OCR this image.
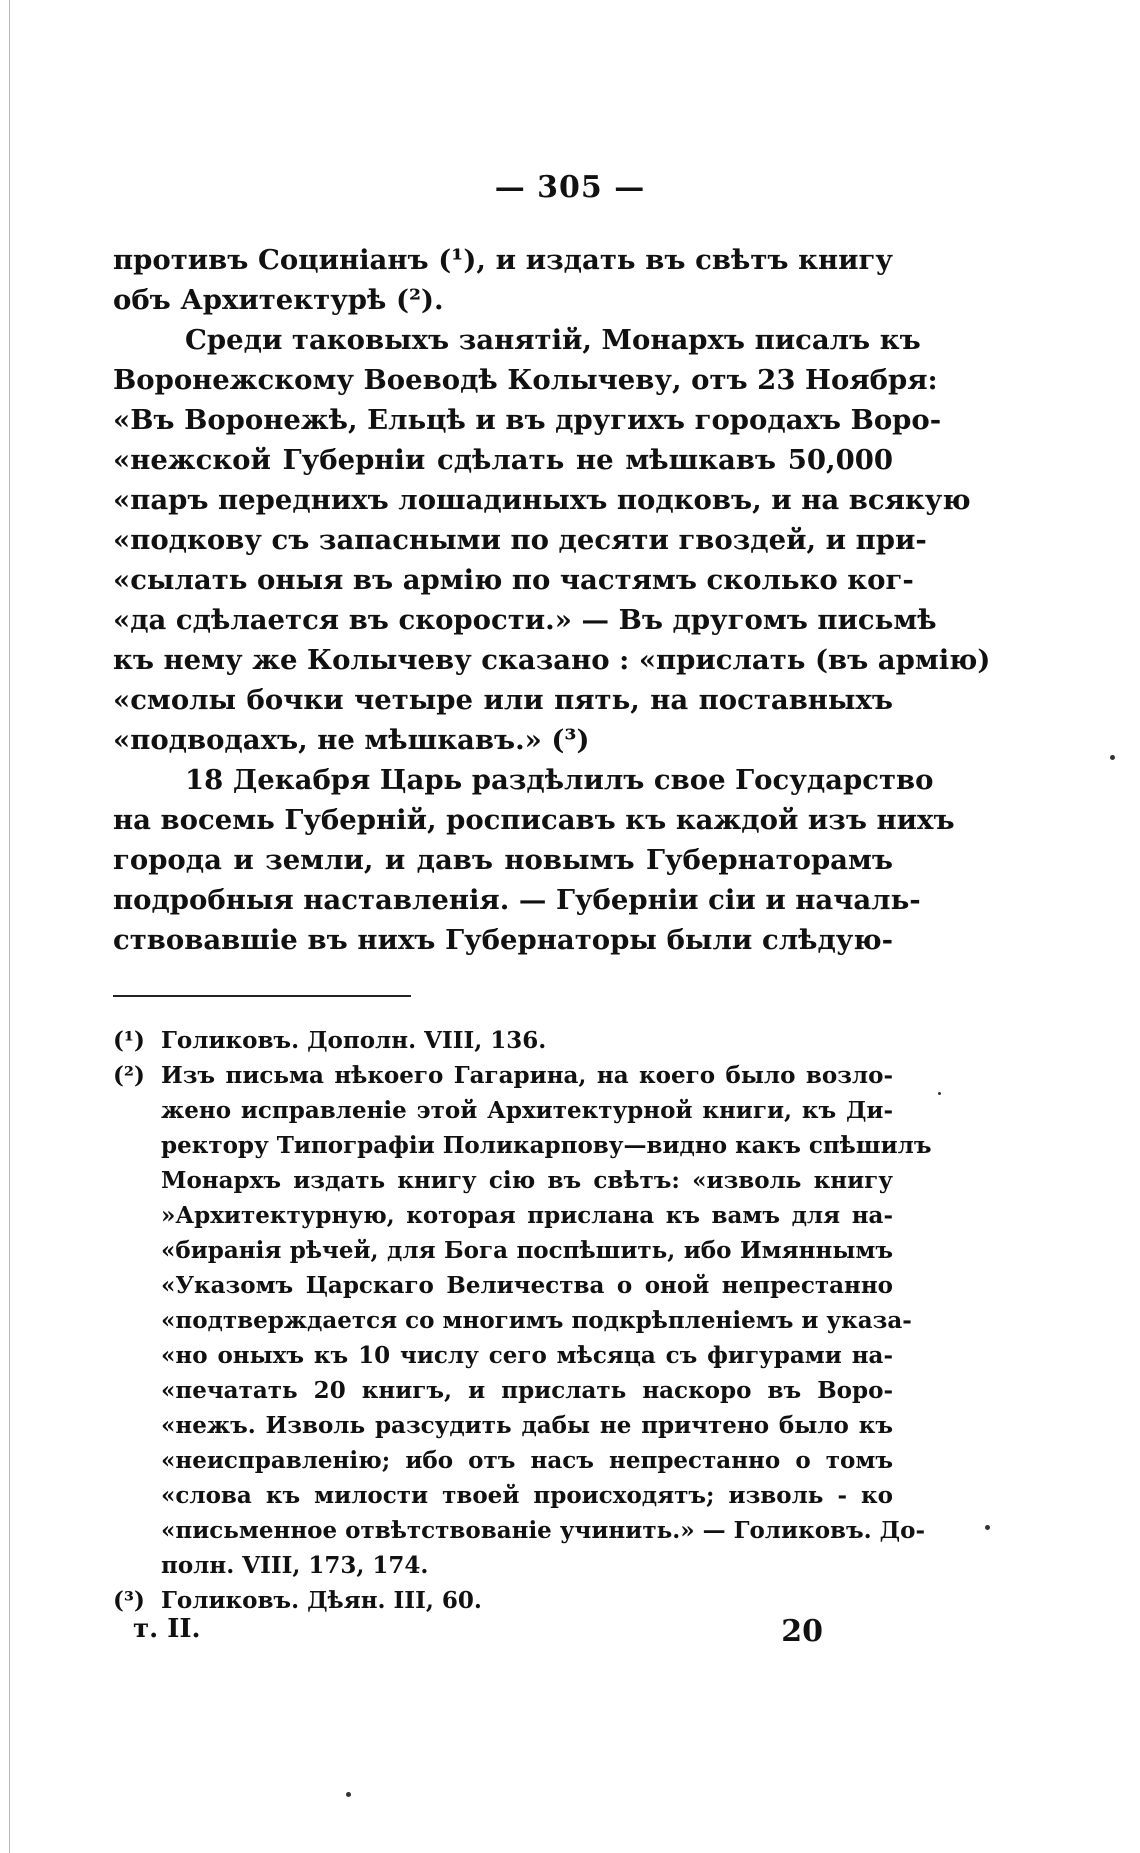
— 305 —
противъ Социніанъ (¹), и издать въ свѣтъ книгу
объ Архитектурѣ (²).
Среди таковыхъ занятій, Монархъ писалъ къ
Воронежскому Воеводѣ Колычеву, отъ 23 Ноября:
«Въ Воронежѣ, Ельцѣ и въ другихъ городахъ Воро-
«нежской Губерніи сдѣлать не мѣшкавъ 50,000
«паръ переднихъ лошадиныхъ подковъ, и на всякую
«подкову съ запасными по десяти гвоздей, и при-
«сылать оныя въ армію по частямъ сколько ког-
«да сдѣлается въ скорости.» — Въ другомъ письмѣ
къ нему же Колычеву сказано : «прислать (въ армію)
«смолы бочки четыре или пять, на поставныхъ
«подводахъ, не мѣшкавъ.» (³)
18 Декабря Царь раздѣлилъ свое Государство
на восемь Губерній, росписавъ къ каждой изъ нихъ
города и земли, и давъ новымъ Губернаторамъ
подробныя наставленія. — Губерніи сіи и началь-
ствовавшіе въ нихъ Губернаторы были слѣдую-
(¹) Голиковъ. Дополн. VIII, 136.
(²) Изъ письма нѣкоего Гагарина, на коего было возло-
жено исправленіе этой Архитектурной книги, къ Ди-
ректору Типографіи Поликарпову—видно какъ спѣшилъ
Монархъ издать книгу сію въ свѣтъ: «изволь книгу
»Архитектурную, которая прислана къ вамъ для на-
«биранія рѣчей, для Бога поспѣшить, ибо Имяннымъ
«Указомъ Царскаго Величества о оной непрестанно
«подтверждается со многимъ подкрѣпленіемъ и указа-
«но оныхъ къ 10 числу сего мѣсяца съ фигурами на-
«печатать 20 книгъ, и прислать наскоро въ Воро-
«нежъ. Изволь разсудить дабы не причтено было къ
«неисправленію; ибо отъ насъ непрестанно о томъ
«слова къ милости твоей происходятъ; изволь - ко
«письменное отвѣтствованіе учинить.» — Голиковъ. До-
полн. VIII, 173, 174.
(³) Голиковъ. Дѣян. III, 60.
т. II.	20
